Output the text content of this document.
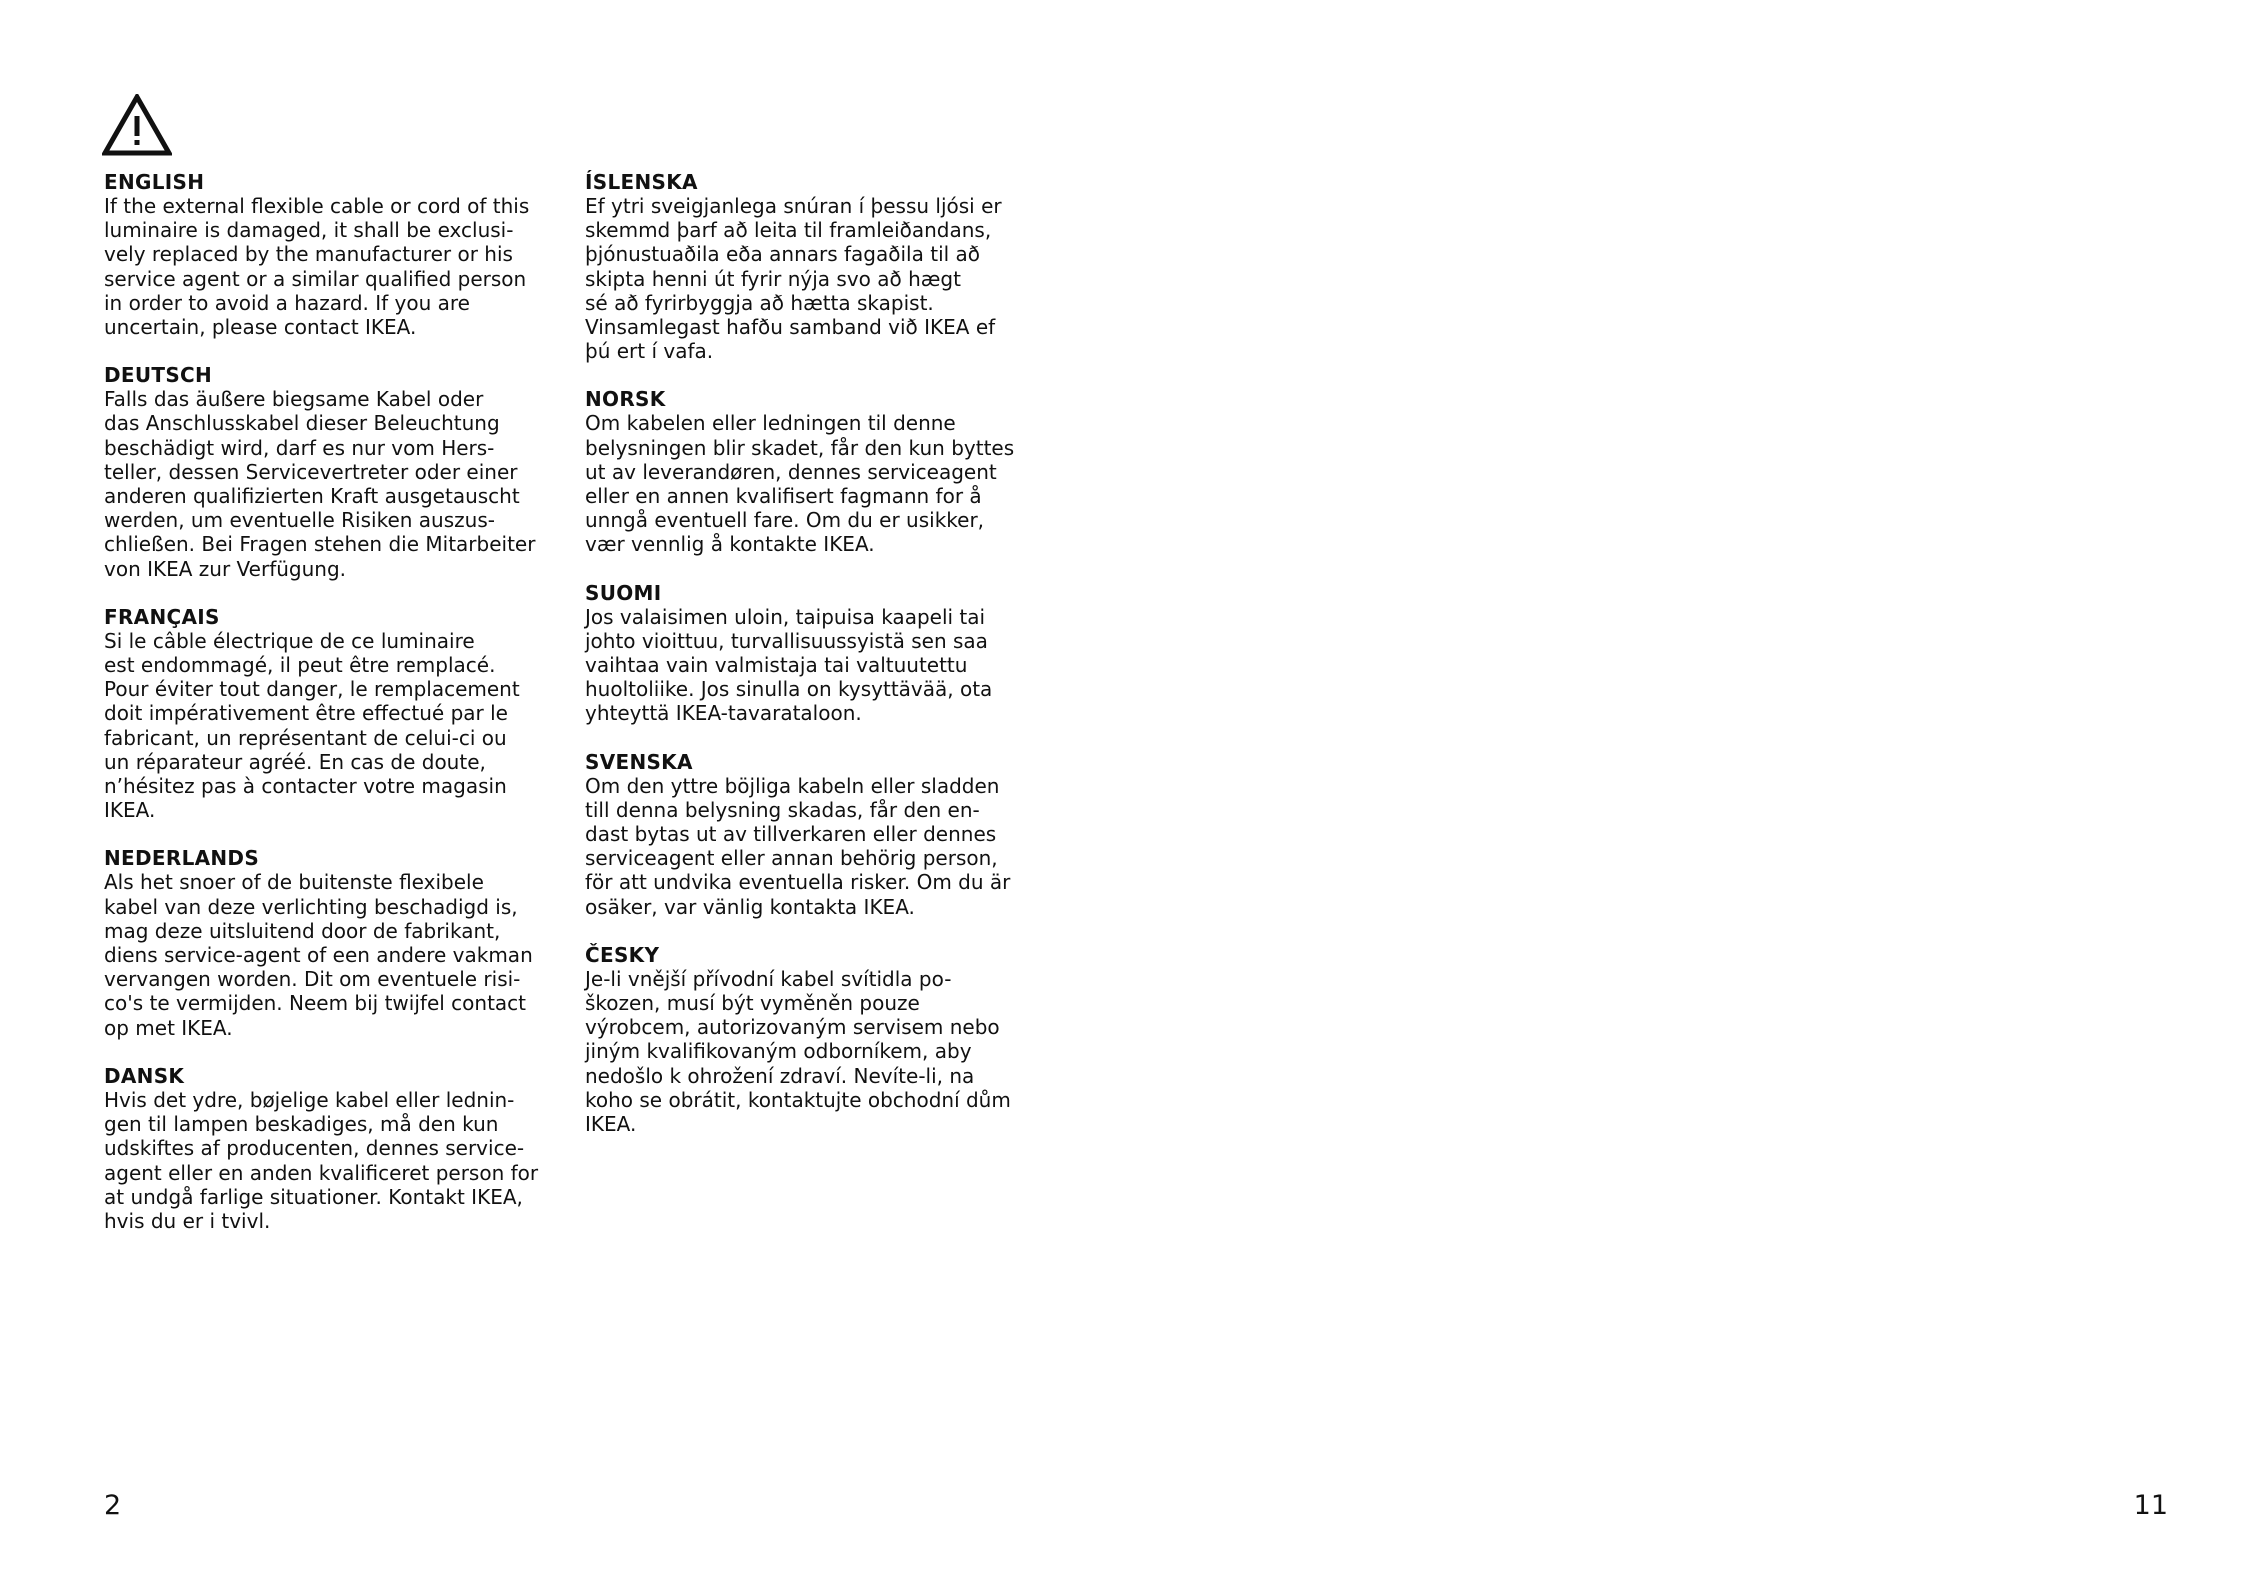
ENGLISH

If the external flexible cable or cord of this
luminaire is damaged, it shall be exclusi-
vely replaced by the manufacturer or his
service agent or a similar qualified person
in order to avoid a hazard. If you are
uncertain, please contact IKEA.

DEUTSCH

Falls das äußere biegsame Kabel oder
das Anschlusskabel dieser Beleuchtung
beschädigt wird, darf es nur vom Hers-
teller, dessen Servicevertreter oder einer
anderen qualifizierten Kraft ausgetauscht
werden, um eventuelle Risiken auszus-
chließen. Bei Fragen stehen die Mitarbeiter
von IKEA zur Verfügung.

FRANÇAIS

Si le câble électrique de ce luminaire
est endommagé, il peut être remplacé.
Pour éviter tout danger, le remplacement
doit impérativement être effectué par le
fabricant, un représentant de celui-ci ou
un réparateur agréé. En cas de doute,
n’hésitez pas à contacter votre magasin
IKEA.

NEDERLANDS

Als het snoer of de buitenste flexibele
kabel van deze verlichting beschadigd is,
mag deze uitsluitend door de fabrikant,
diens service-agent of een andere vakman
vervangen worden. Dit om eventuele risi-
co's te vermijden. Neem bij twijfel contact
op met IKEA.

DANSK

Hvis det ydre, bøjelige kabel eller lednin-
gen til lampen beskadiges, må den kun
udskiftes af producenten, dennes service-
agent eller en anden kvalificeret person for
at undgå farlige situationer. Kontakt IKEA,
hvis du er i tvivl.

ÍSLENSKA

Ef ytri sveigjanlega snúran í þessu ljósi er
skemmd þarf að leita til framleiðandans,
þjónustuaðila eða annars fagaðila til að
skipta henni út fyrir nýja svo að hægt
sé að fyrirbyggja að hætta skapist.
Vinsamlegast hafðu samband við IKEA ef
þú ert í vafa.

NORSK

Om kabelen eller ledningen til denne
belysningen blir skadet, får den kun byttes
ut av leverandøren, dennes serviceagent
eller en annen kvalifisert fagmann for å
unngå eventuell fare. Om du er usikker,
vær vennlig å kontakte IKEA.

SUOMI

Jos valaisimen uloin, taipuisa kaapeli tai
johto vioittuu, turvallisuussyistä sen saa
vaihtaa vain valmistaja tai valtuutettu
huoltoliike. Jos sinulla on kysyttävää, ota
yhteyttä IKEA-tavarataloon.

SVENSKA

Om den yttre böjliga kabeln eller sladden
till denna belysning skadas, får den en-
dast bytas ut av tillverkaren eller dennes
serviceagent eller annan behörig person,
för att undvika eventuella risker. Om du är
osäker, var vänlig kontakta IKEA.

ČESKY

Je-li vnější přívodní kabel svítidla po-
škozen, musí být vyměněn pouze
výrobcem, autorizovaným servisem nebo
jiným kvalifikovaným odborníkem, aby
nedošlo k ohrožení zdraví. Nevíte-li, na
koho se obrátit, kontaktujte obchodní dům
IKEA.

2	11
